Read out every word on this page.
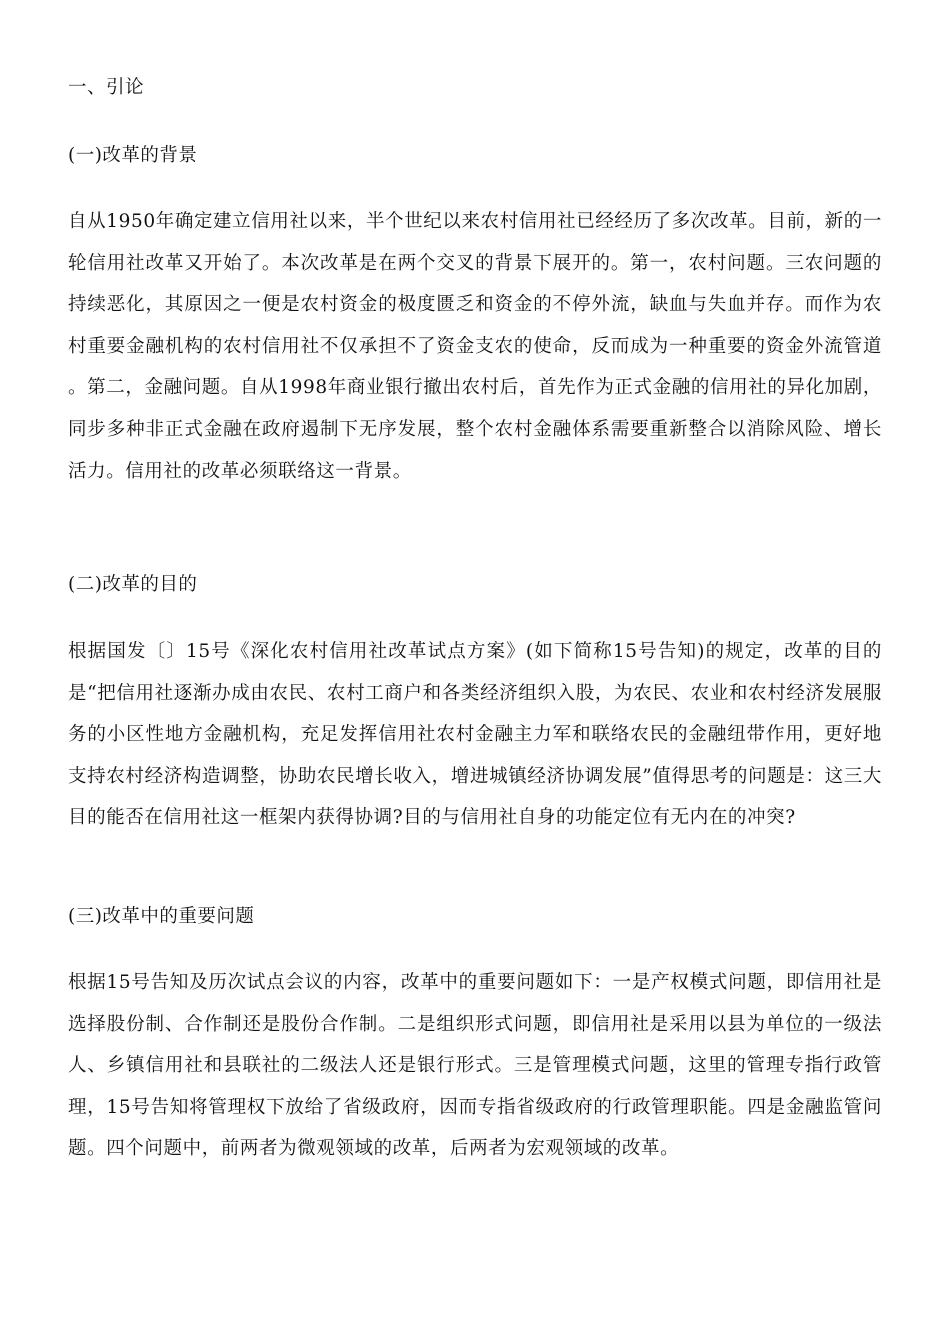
一、引论
(一)改革的背景

自从1950年确定建立信用社以来，半个世纪以来农村信用社已经经历了多次改革。目前，新的一轮信用社改革又开始了。本次改革是在两个交叉的背景下展开的。第一，农村问题。三农问题的持续恶化，其原因之一便是农村资金的极度匮乏和资金的不停外流，缺血与失血并存。而作为农村重要金融机构的农村信用社不仅承担不了资金支农的使命，反而成为一种重要的资金外流管道 。第二，金融问题。自从1998年商业银行撤出农村后，首先作为正式金融的信用社的异化加剧，同步多种非正式金融在政府遏制下无序发展，整个农村金融体系需要重新整合以消除风险、增长活力。信用社的改革必须联络这一背景。

(二)改革的目的

根据国发〔〕15号《深化农村信用社改革试点方案》(如下简称15号告知)的规定，改革的目的是“把信用社逐渐办成由农民、农村工商户和各类经济组织入股，为农民、农业和农村经济发展服务的小区性地方金融机构，充足发挥信用社农村金融主力军和联络农民的金融纽带作用，更好地支持农村经济构造调整，协助农民增长收入，增进城镇经济协调发展”值得思考的问题是：这三大目的能否在信用社这一框架内获得协调?目的与信用社自身的功能定位有无内在的冲突?

(三)改革中的重要问题

根据15号告知及历次试点会议的内容，改革中的重要问题如下：一是产权模式问题，即信用社是选择股份制、合作制还是股份合作制。二是组织形式问题，即信用社是采用以县为单位的一级法人、乡镇信用社和县联社的二级法人还是银行形式。三是管理模式问题，这里的管理专指行政管理，15号告知将管理权下放给了省级政府，因而专指省级政府的行政管理职能。四是金融监管问题。四个问题中，前两者为微观领域的改革，后两者为宏观领域的改革。
